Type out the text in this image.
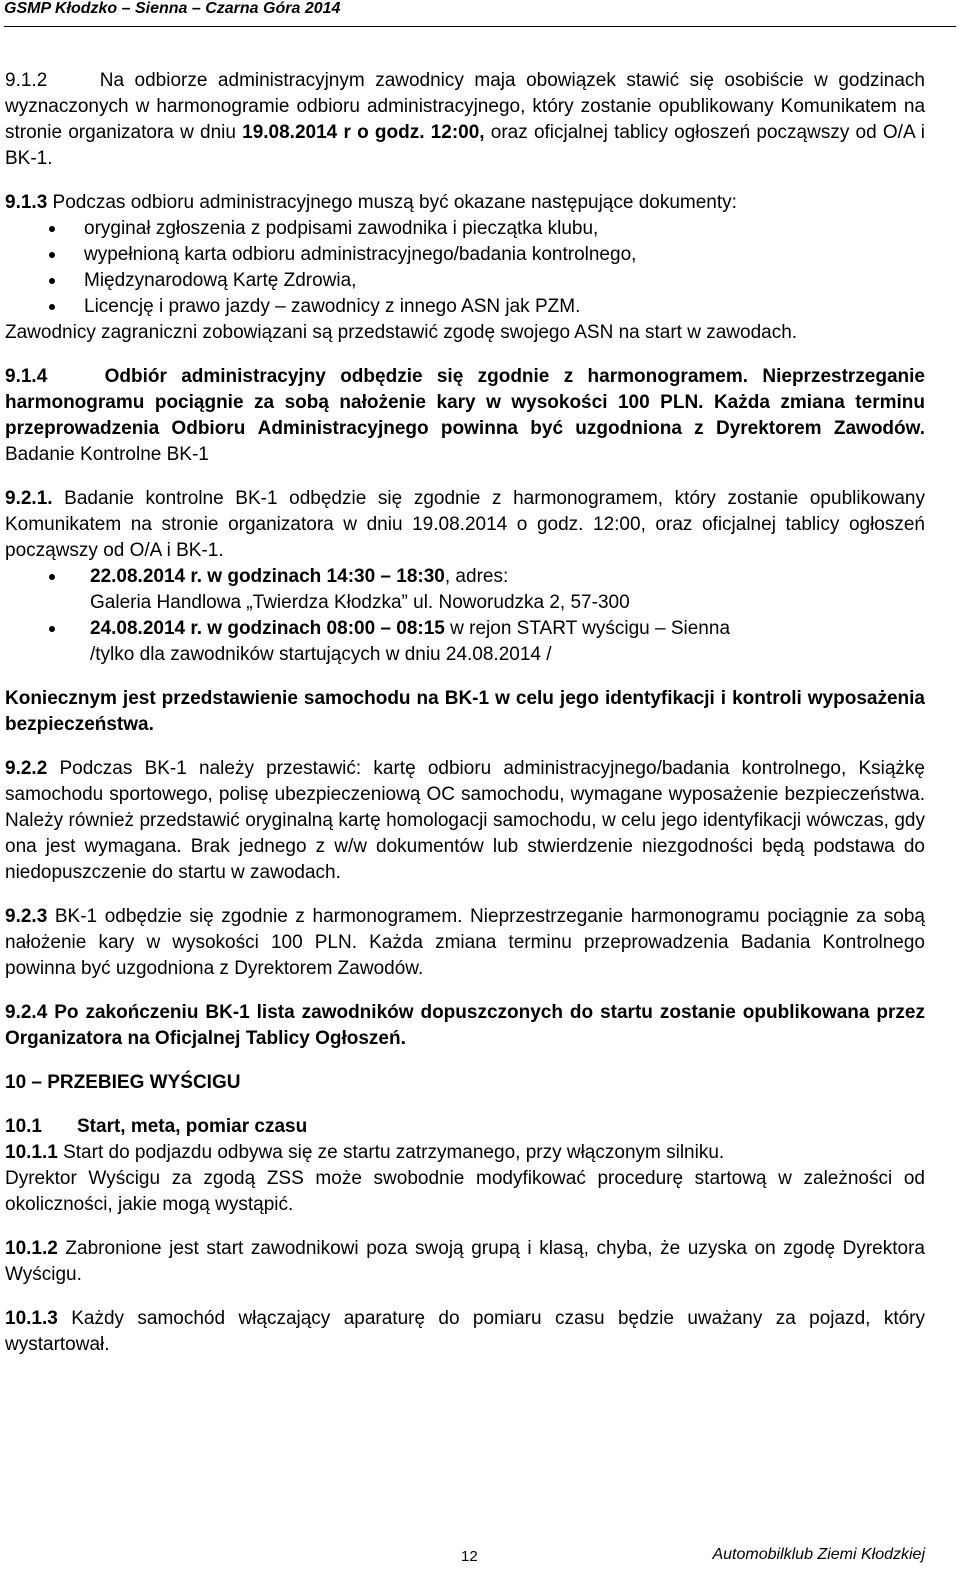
GSMP Kłodzko – Sienna – Czarna Góra 2014

9.1.2	Na odbiorze administracyjnym zawodnicy maja obowiązek stawić się osobiście w godzinach wyznaczonych w harmonogramie odbioru administracyjnego, który zostanie opublikowany Komunikatem na stronie organizatora w dniu 19.08.2014 r o godz. 12:00, oraz oficjalnej tablicy ogłoszeń począwszy od O/A i BK-1.

9.1.3 Podczas odbioru administracyjnego muszą być okazane następujące dokumenty:

oryginał zgłoszenia z podpisami zawodnika i pieczątka klubu,
wypełnioną karta odbioru administracyjnego/badania kontrolnego,
Międzynarodową Kartę Zdrowia,
Licencję i prawo jazdy – zawodnicy z innego ASN jak PZM.

Zawodnicy zagraniczni zobowiązani są przedstawić zgodę swojego ASN na start w zawodach.

9.1.4	Odbiór administracyjny odbędzie się zgodnie z harmonogramem. Nieprzestrzeganie harmonogramu pociągnie za sobą nałożenie kary w wysokości 100 PLN. Każda zmiana terminu przeprowadzenia Odbioru Administracyjnego powinna być uzgodniona z Dyrektorem Zawodów. Badanie Kontrolne BK-1

9.2.1. Badanie kontrolne BK-1 odbędzie się zgodnie z harmonogramem, który zostanie opublikowany Komunikatem na stronie organizatora w dniu 19.08.2014 o godz. 12:00, oraz oficjalnej tablicy ogłoszeń począwszy od O/A i BK-1.

22.08.2014 r. w godzinach 14:30 – 18:30, adres:
Galeria Handlowa „Twierdza Kłodzka” ul. Noworudzka 2, 57-300
24.08.2014 r. w godzinach 08:00 – 08:15 w rejon START wyścigu – Sienna
/tylko dla zawodników startujących w dniu 24.08.2014 /

Koniecznym jest przedstawienie samochodu na BK-1 w celu jego identyfikacji i kontroli wyposażenia bezpieczeństwa.

9.2.2 Podczas BK-1 należy przestawić: kartę odbioru administracyjnego/badania kontrolnego, Książkę samochodu sportowego, polisę ubezpieczeniową OC samochodu, wymagane wyposażenie bezpieczeństwa. Należy również przedstawić oryginalną kartę homologacji samochodu, w celu jego identyfikacji wówczas, gdy ona jest wymagana. Brak jednego z w/w dokumentów lub stwierdzenie niezgodności będą podstawa do niedopuszczenie do startu w zawodach.

9.2.3 BK-1 odbędzie się zgodnie z harmonogramem. Nieprzestrzeganie harmonogramu pociągnie za sobą nałożenie kary w wysokości 100 PLN. Każda zmiana terminu przeprowadzenia Badania Kontrolnego powinna być uzgodniona z Dyrektorem Zawodów.

9.2.4 Po zakończeniu BK-1 lista zawodników dopuszczonych do startu zostanie opublikowana przez Organizatora na Oficjalnej Tablicy Ogłoszeń.

10 – PRZEBIEG WYŚCIGU

10.1 Start, meta, pomiar czasu

10.1.1 Start do podjazdu odbywa się ze startu zatrzymanego, przy włączonym silniku.

Dyrektor Wyścigu za zgodą ZSS może swobodnie modyfikować procedurę startową w zależności od okoliczności, jakie mogą wystąpić.

10.1.2 Zabronione jest start zawodnikowi poza swoją grupą i klasą, chyba, że uzyska on zgodę Dyrektora Wyścigu.

10.1.3 Każdy samochód włączający aparaturę do pomiaru czasu będzie uważany za pojazd, który wystartował.

12	Automobilklub Ziemi Kłodzkiej
